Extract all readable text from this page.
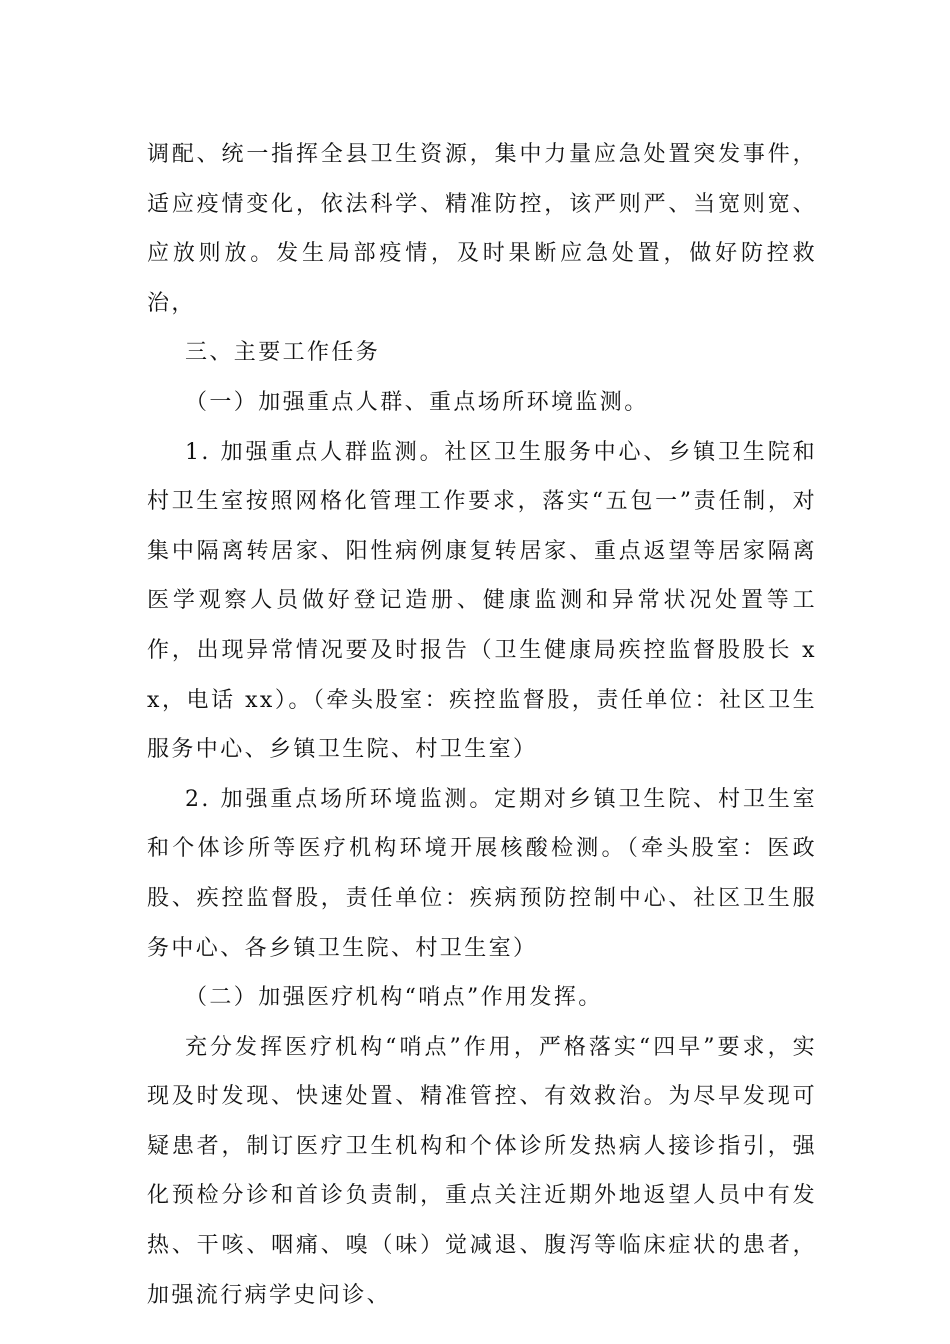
调配、统一指挥全县卫生资源，集中力量应急处置突发事件，适应疫情变化，依法科学、精准防控，该严则严、当宽则宽、应放则放。发生局部疫情，及时果断应急处置，做好防控救治，

三、主要工作任务

（一）加强重点人群、重点场所环境监测。

1. 加强重点人群监测。社区卫生服务中心、乡镇卫生院和村卫生室按照网格化管理工作要求，落实“五包一”责任制，对集中隔离转居家、阳性病例康复转居家、重点返望等居家隔离医学观察人员做好登记造册、健康监测和异常状况处置等工作，出现异常情况要及时报告（卫生健康局疾控监督股股长 xx，电话 xx）。（牵头股室：疾控监督股，责任单位：社区卫生服务中心、乡镇卫生院、村卫生室）

2. 加强重点场所环境监测。定期对乡镇卫生院、村卫生室和个体诊所等医疗机构环境开展核酸检测。（牵头股室：医政股、疾控监督股，责任单位：疾病预防控制中心、社区卫生服务中心、各乡镇卫生院、村卫生室）

（二）加强医疗机构“哨点”作用发挥。

充分发挥医疗机构“哨点”作用，严格落实“四早”要求，实现及时发现、快速处置、精准管控、有效救治。为尽早发现可疑患者，制订医疗卫生机构和个体诊所发热病人接诊指引，强化预检分诊和首诊负责制，重点关注近期外地返望人员中有发热、干咳、咽痛、嗅（味）觉减退、腹泻等临床症状的患者，加强流行病学史问诊、
